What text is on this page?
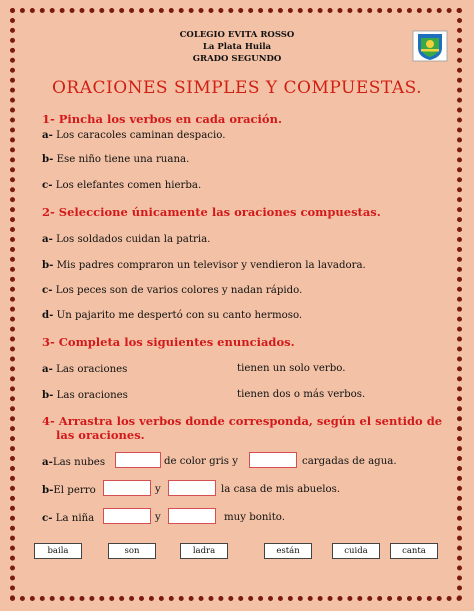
COLEGIO EVITA ROSSO
La Plata Huila
GRADO SEGUNDO
ORACIONES SIMPLES Y COMPUESTAS.
1- Pincha los verbos en cada oración.
a- Los caracoles caminan despacio.
b- Ese niño tiene una ruana.
c- Los elefantes comen hierba.
2- Seleccione únicamente las oraciones compuestas.
a- Los soldados cuidan la patria.
b- Mis padres compraron un televisor y vendieron la lavadora.
c- Los peces son de varios colores y nadan rápido.
d- Un pajarito me despertó con su canto hermoso.
3- Completa los siguientes enunciados.
a- Las oraciones	tienen un solo verbo.
b- Las oraciones	tienen dos o más verbos.
4- Arrastra los verbos donde corresponda, según el sentido de
las oraciones.
a-Las nubes	de color gris y	cargadas de agua.
b-El perro	y	la casa de mis abuelos.
c- La niña	y	muy bonito.
baila	son	ladra	están	cuida	canta
